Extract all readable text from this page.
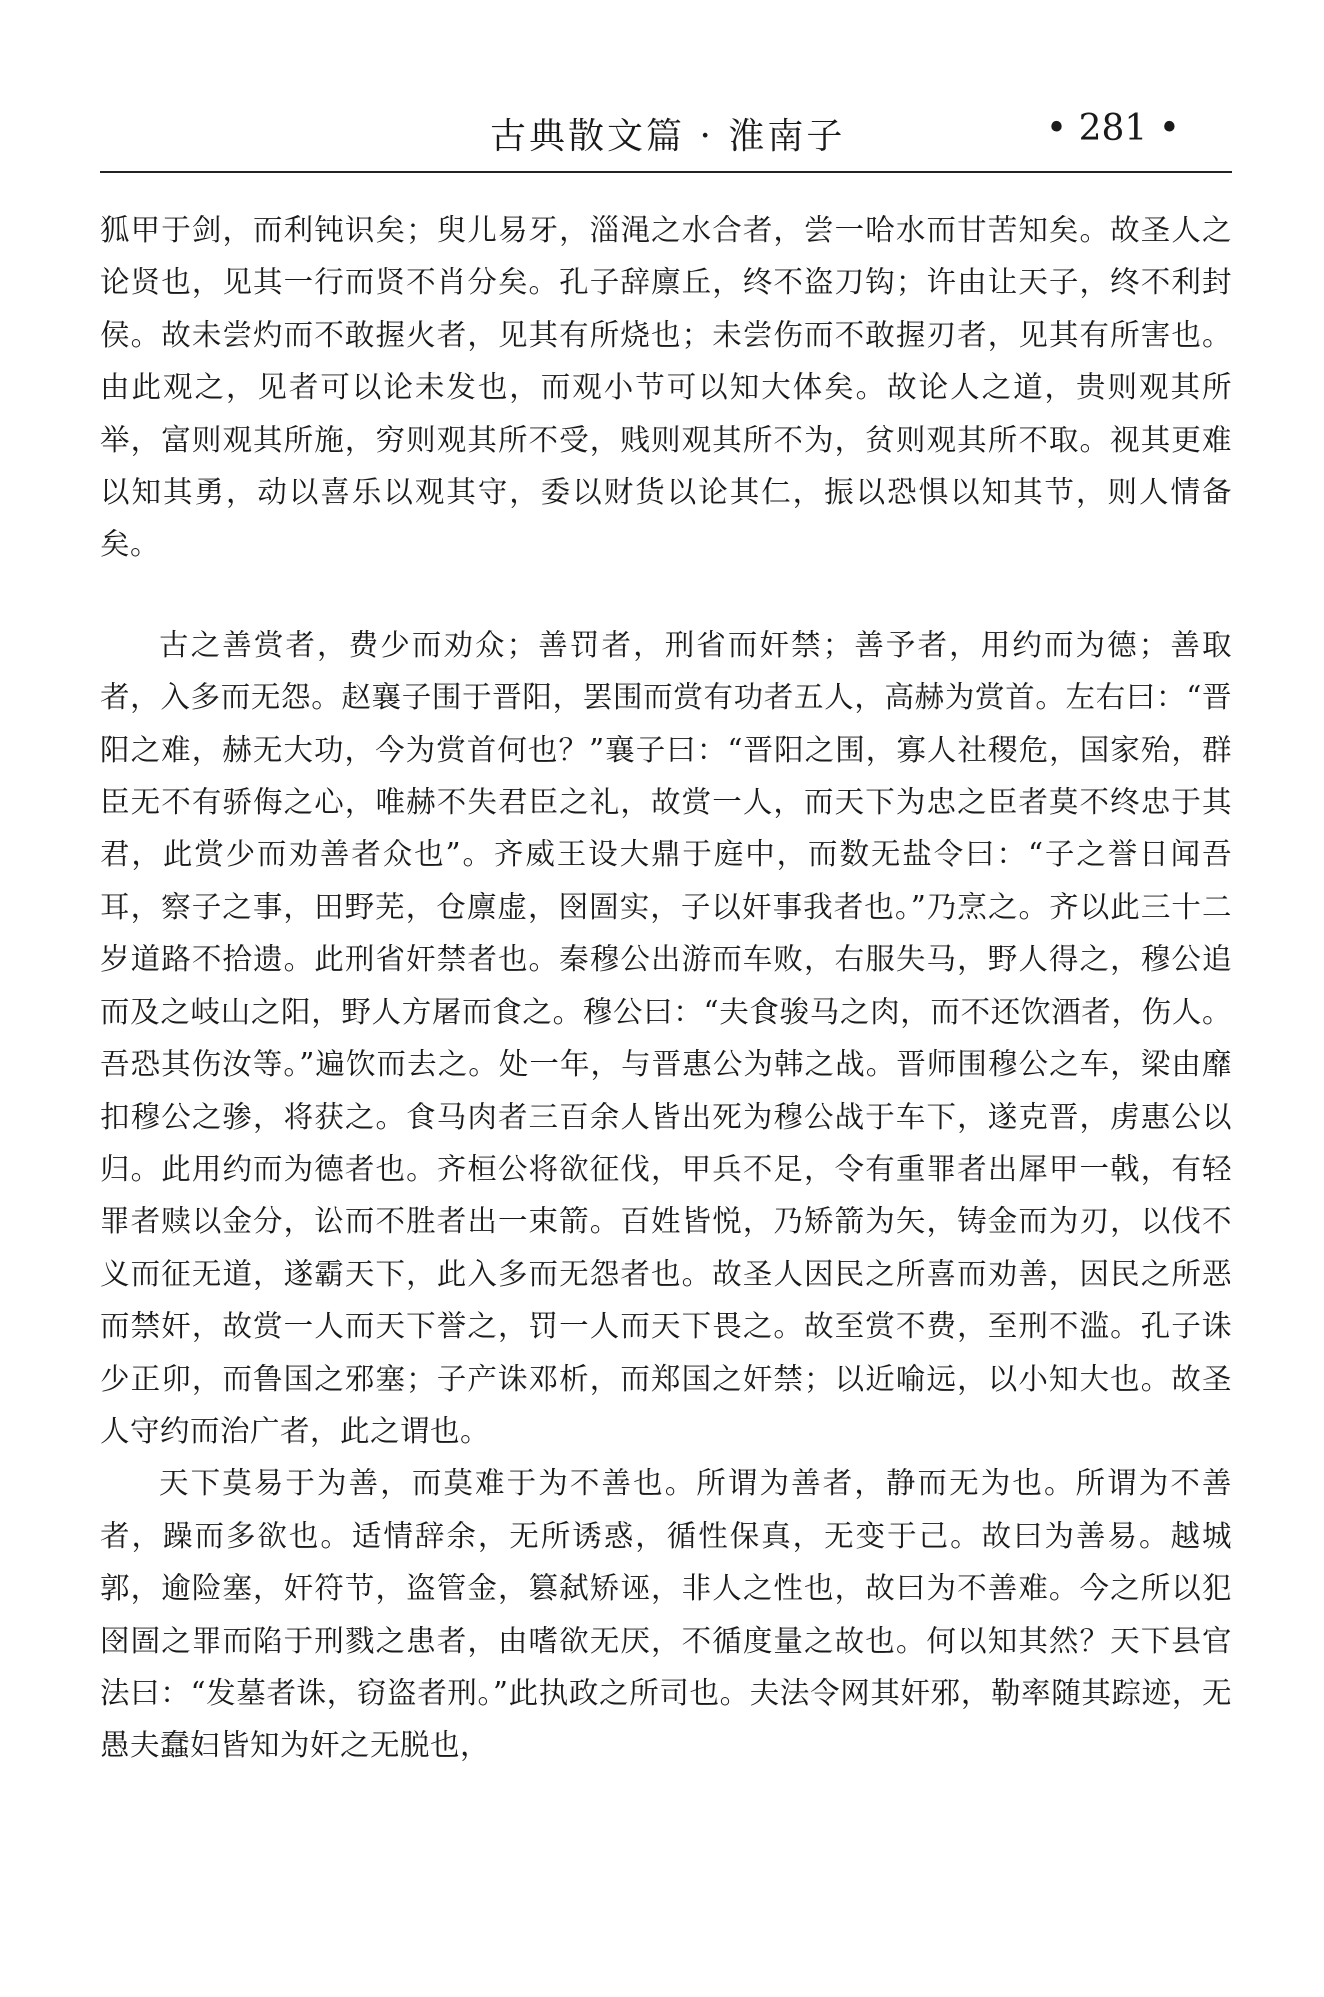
古典散文篇 · 淮南子	• 281 •

狐甲于剑，而利钝识矣；臾儿易牙，淄渑之水合者，尝一哈水而甘苦知矣。故圣人之论贤也，见其一行而贤不肖分矣。孔子辞廪丘，终不盗刀钩；许由让天子，终不利封侯。故未尝灼而不敢握火者，见其有所烧也；未尝伤而不敢握刃者，见其有所害也。由此观之，见者可以论未发也，而观小节可以知大体矣。故论人之道，贵则观其所举，富则观其所施，穷则观其所不受，贱则观其所不为，贫则观其所不取。视其更难以知其勇，动以喜乐以观其守，委以财货以论其仁，振以恐惧以知其节，则人情备矣。

古之善赏者，费少而劝众；善罚者，刑省而奸禁；善予者，用约而为德；善取者，入多而无怨。赵襄子围于晋阳，罢围而赏有功者五人，高赫为赏首。左右曰：“晋阳之难，赫无大功，今为赏首何也？”襄子曰：“晋阳之围，寡人社稷危，国家殆，群臣无不有骄侮之心，唯赫不失君臣之礼，故赏一人，而天下为忠之臣者莫不终忠于其君，此赏少而劝善者众也”。齐威王设大鼎于庭中，而数无盐令曰：“子之誉日闻吾耳，察子之事，田野芜，仓廪虚，囹圄实，子以奸事我者也。”乃烹之。齐以此三十二岁道路不拾遗。此刑省奸禁者也。秦穆公出游而车败，右服失马，野人得之，穆公追而及之岐山之阳，野人方屠而食之。穆公曰：“夫食骏马之肉，而不还饮酒者，伤人。吾恐其伤汝等。”遍饮而去之。处一年，与晋惠公为韩之战。晋师围穆公之车，梁由靡扣穆公之骖，将获之。食马肉者三百余人皆出死为穆公战于车下，遂克晋，虏惠公以归。此用约而为德者也。齐桓公将欲征伐，甲兵不足，令有重罪者出犀甲一戟，有轻罪者赎以金分，讼而不胜者出一束箭。百姓皆悦，乃矫箭为矢，铸金而为刃，以伐不义而征无道，遂霸天下，此入多而无怨者也。故圣人因民之所喜而劝善，因民之所恶而禁奸，故赏一人而天下誉之，罚一人而天下畏之。故至赏不费，至刑不滥。孔子诛少正卯，而鲁国之邪塞；子产诛邓析，而郑国之奸禁；以近喻远，以小知大也。故圣人守约而治广者，此之谓也。

天下莫易于为善，而莫难于为不善也。所谓为善者，静而无为也。所谓为不善者，躁而多欲也。适情辞余，无所诱惑，循性保真，无变于己。故曰为善易。越城郭，逾险塞，奸符节，盗管金，篡弑矫诬，非人之性也，故曰为不善难。今之所以犯囹圄之罪而陷于刑戮之患者，由嗜欲无厌，不循度量之故也。何以知其然？天下县官法曰：“发墓者诛，窃盗者刑。”此执政之所司也。夫法令网其奸邪，勒率随其踪迹，无愚夫蠢妇皆知为奸之无脱也，
